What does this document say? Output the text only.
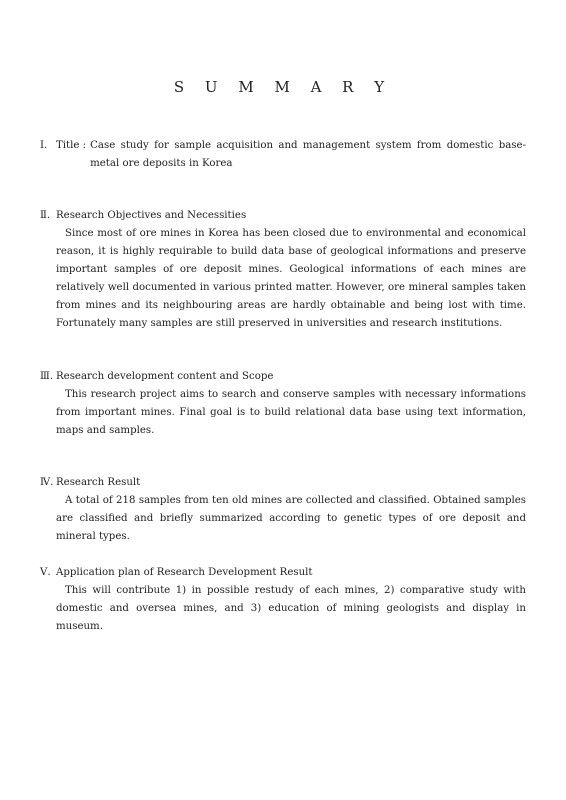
S U M M A R Y
Ⅰ. Title : Case study for sample acquisition and management system from domestic base-metal ore deposits in Korea
Ⅱ. Research Objectives and Necessities
Since most of ore mines in Korea has been closed due to environmental and economical reason, it is highly requirable to build data base of geological informations and preserve important samples of ore deposit mines. Geological informations of each mines are relatively well documented in various printed matter. However, ore mineral samples taken from mines and its neighbouring areas are hardly obtainable and being lost with time. Fortunately many samples are still preserved in universities and research institutions.
Ⅲ. Research development content and Scope
This research project aims to search and conserve samples with necessary informations from important mines. Final goal is to build relational data base using text information, maps and samples.
Ⅳ. Research Result
A total of 218 samples from ten old mines are collected and classified. Obtained samples are classified and briefly summarized according to genetic types of ore deposit and mineral types.
Ⅴ. Application plan of Research Development Result
This will contribute 1) in possible restudy of each mines, 2) comparative study with domestic and oversea mines, and 3) education of mining geologists and display in museum.
